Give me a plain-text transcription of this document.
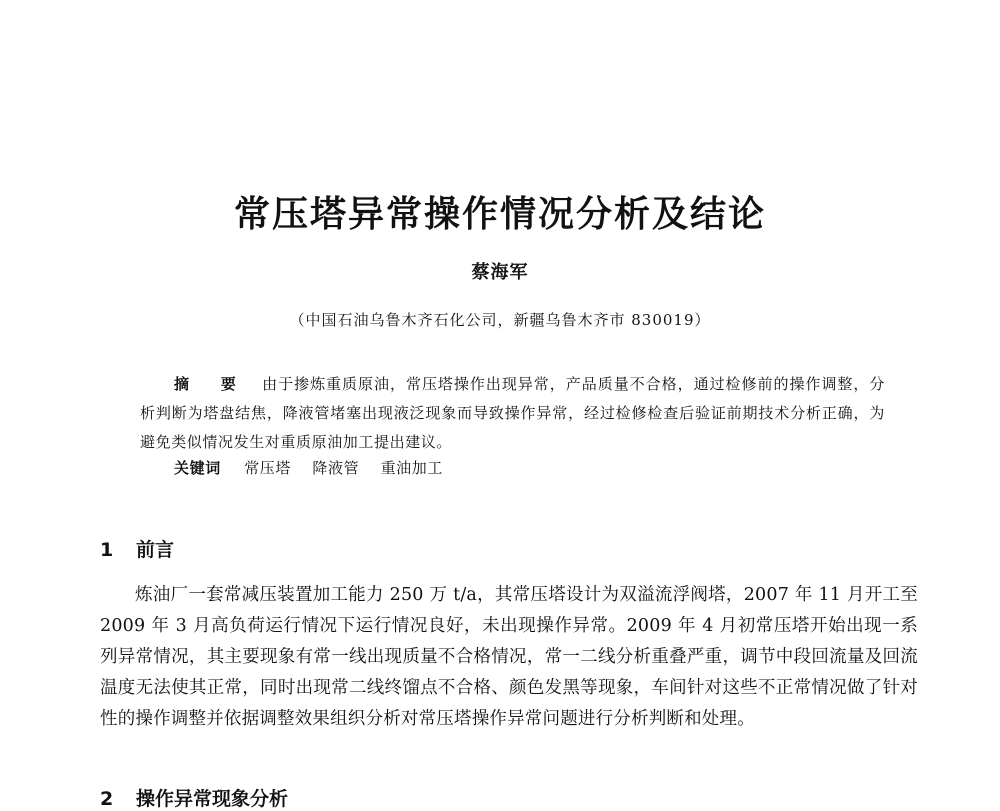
常压塔异常操作情况分析及结论
蔡海军
（中国石油乌鲁木齐石化公司，新疆乌鲁木齐市 830019）
摘　要 由于掺炼重质原油，常压塔操作出现异常，产品质量不合格，通过检修前的操作调整，分析判断为塔盘结焦，降液管堵塞出现液泛现象而导致操作异常，经过检修检查后验证前期技术分析正确，为避免类似情况发生对重质原油加工提出建议。
关键词 常压塔 降液管 重油加工
1 前言
炼油厂一套常减压装置加工能力 250 万 t/a，其常压塔设计为双溢流浮阀塔，2007 年 11 月开工至2009 年 3 月高负荷运行情况下运行情况良好，未出现操作异常。2009 年 4 月初常压塔开始出现一系列异常情况，其主要现象有常一线出现质量不合格情况，常一二线分析重叠严重，调节中段回流量及回流温度无法使其正常，同时出现常二线终馏点不合格、颜色发黑等现象，车间针对这些不正常情况做了针对性的操作调整并依据调整效果组织分析对常压塔操作异常问题进行分析判断和处理。
2 操作异常现象分析
